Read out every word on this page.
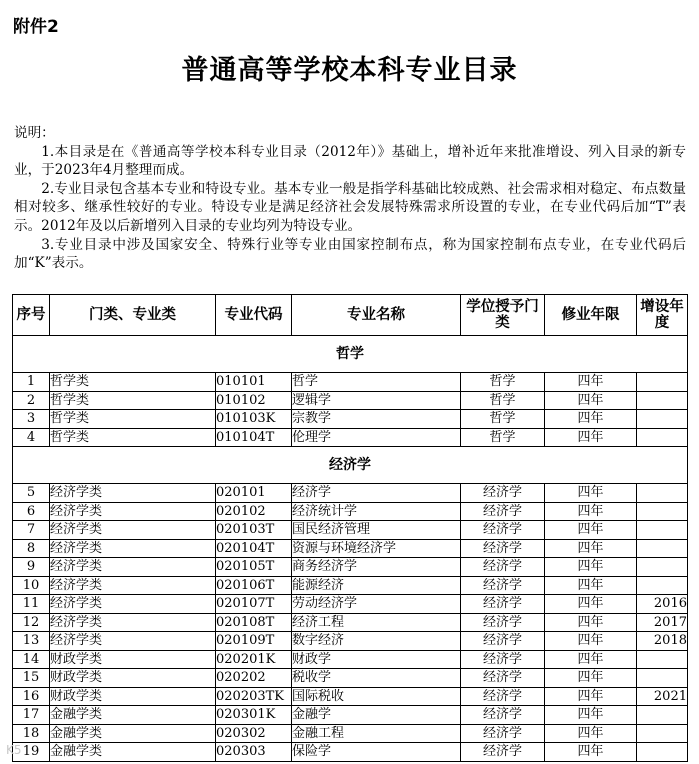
附件2
普通高等学校本科专业目录

说明：

1.本目录是在《普通高等学校本科专业目录（2012年）》基础上，增补近年来批准增设、列入目录的新专业，于2023年4月整理而成。

2.专业目录包含基本专业和特设专业。基本专业一般是指学科基础比较成熟、社会需求相对稳定、布点数量相对较多、继承性较好的专业。特设专业是满足经济社会发展特殊需求所设置的专业，在专业代码后加“T”表示。2012年及以后新增列入目录的专业均列为特设专业。

3.专业目录中涉及国家安全、特殊行业等专业由国家控制布点，称为国家控制布点专业，在专业代码后加“K”表示。

序号	门类、专业类	专业代码	专业名称	学位授予门类	修业年限	增设年度
哲学						
1	哲学类	010101	哲学	哲学	四年	
2	哲学类	010102	逻辑学	哲学	四年	
3	哲学类	010103K	宗教学	哲学	四年	
4	哲学类	010104T	伦理学	哲学	四年	
经济学						
5	经济学类	020101	经济学	经济学	四年	
6	经济学类	020102	经济统计学	经济学	四年	
7	经济学类	020103T	国民经济管理	经济学	四年	
8	经济学类	020104T	资源与环境经济学	经济学	四年	
9	经济学类	020105T	商务经济学	经济学	四年	
10	经济学类	020106T	能源经济	经济学	四年	
11	经济学类	020107T	劳动经济学	经济学	四年	2016
12	经济学类	020108T	经济工程	经济学	四年	2017
13	经济学类	020109T	数字经济	经济学	四年	2018
14	财政学类	020201K	财政学	经济学	四年	
15	财政学类	020202	税收学	经济学	四年	
16	财政学类	020203TK	国际税收	经济学	四年	2021
17	金融学类	020301K	金融学	经济学	四年	
18	金融学类	020302	金融工程	经济学	四年	
19	金融学类	020303	保险学	经济学	四年	
K5
